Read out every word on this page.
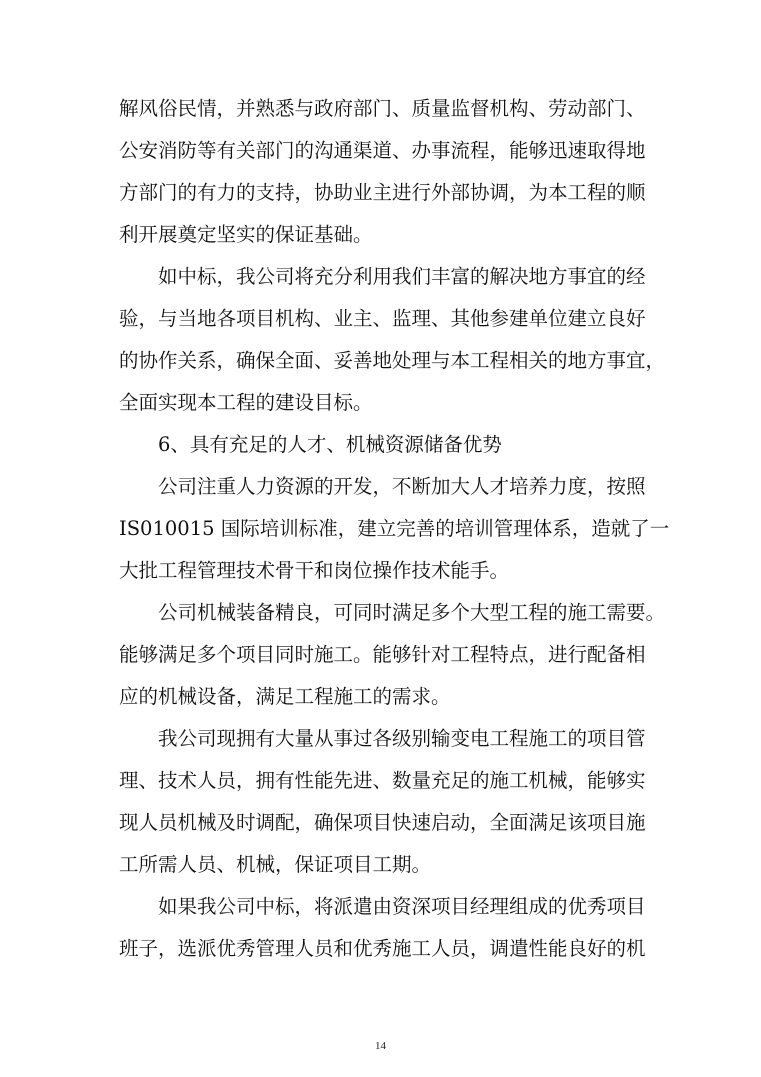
解风俗民情，并熟悉与政府部门、质量监督机构、劳动部门、
公安消防等有关部门的沟通渠道、办事流程，能够迅速取得地
方部门的有力的支持，协助业主进行外部协调，为本工程的顺
利开展奠定坚实的保证基础。
如中标，我公司将充分利用我们丰富的解决地方事宜的经
验，与当地各项目机构、业主、监理、其他参建单位建立良好
的协作关系，确保全面、妥善地处理与本工程相关的地方事宜，
全面实现本工程的建设目标。
6、具有充足的人才、机械资源储备优势
公司注重人力资源的开发，不断加大人才培养力度，按照
IS010015 国际培训标准，建立完善的培训管理体系，造就了一
大批工程管理技术骨干和岗位操作技术能手。
公司机械装备精良，可同时满足多个大型工程的施工需要。
能够满足多个项目同时施工。能够针对工程特点，进行配备相
应的机械设备，满足工程施工的需求。
我公司现拥有大量从事过各级别输变电工程施工的项目管
理、技术人员，拥有性能先进、数量充足的施工机械，能够实
现人员机械及时调配，确保项目快速启动，全面满足该项目施
工所需人员、机械，保证项目工期。
如果我公司中标，将派遣由资深项目经理组成的优秀项目
班子，选派优秀管理人员和优秀施工人员，调遣性能良好的机
14
